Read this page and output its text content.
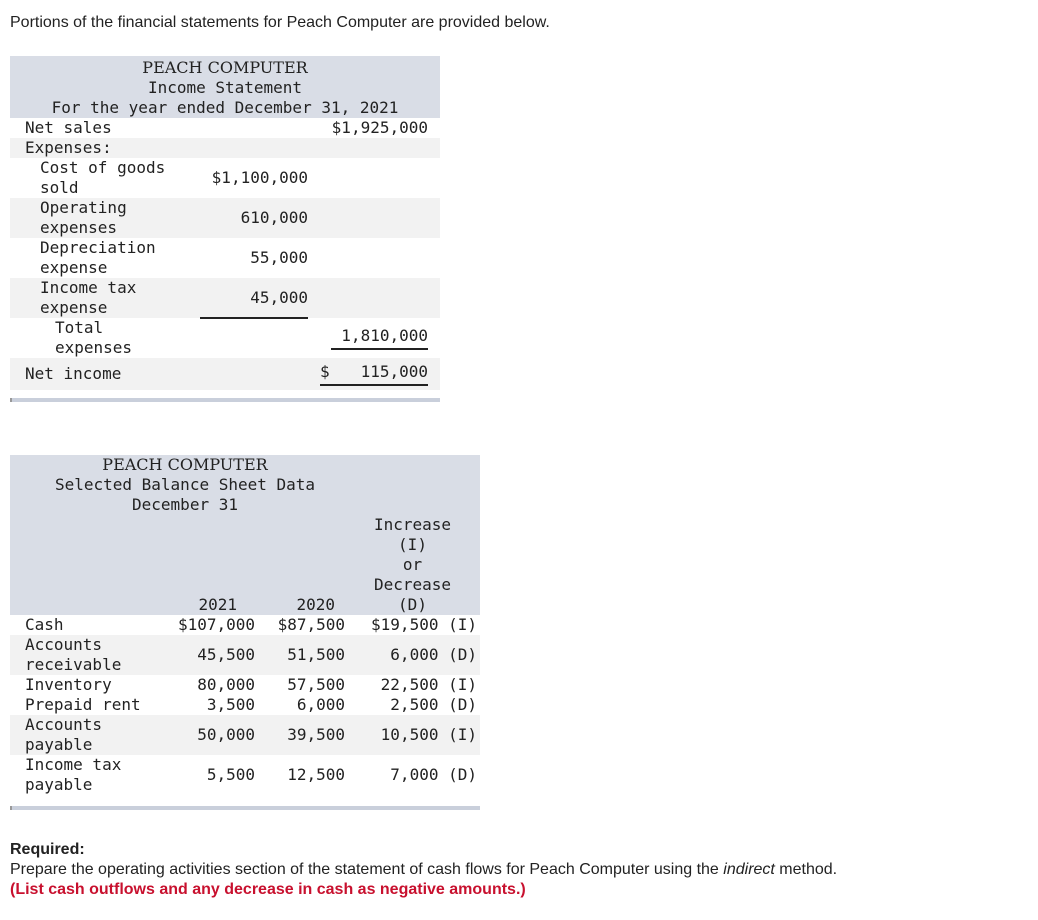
Portions of the financial statements for Peach Computer are provided below.

PEACH COMPUTER		
Income Statement		
For the year ended December 31, 2021		
Net sales		$1,925,000
Expenses:		
Cost of goods
sold	$1,100,000	
Operating
expenses	610,000	
Depreciation
expense	55,000	
Income tax
expense	45,000	
Total
expenses		1,810,000
Net income		$ 115,000
PEACH COMPUTER			
Selected Balance Sheet Data			
December 31			
			Increase
(I)
or
Decrease
	2021	2020	(D)
Cash	$107,000	$87,500	$19,500 (I)
Accounts
receivable	45,500	51,500	6,000 (D)
Inventory	80,000	57,500	22,500 (I)
Prepaid rent	3,500	6,000	2,500 (D)
Accounts
payable	50,000	39,500	10,500 (I)
Income tax
payable	5,500	12,500	7,000 (D)
Required:
Prepare the operating activities section of the statement of cash flows for Peach Computer using the indirect method.
(List cash outflows and any decrease in cash as negative amounts.)
